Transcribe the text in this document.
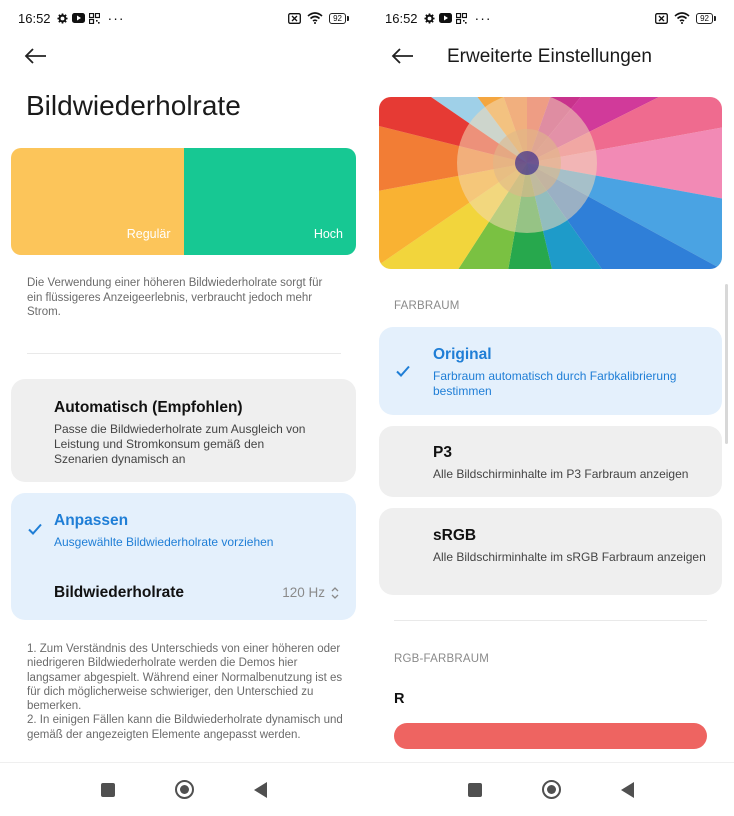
16:52	···	92
Bildwiederholrate
Regulär	Hoch
Die Verwendung einer höheren Bildwiederholrate sorgt für ein flüssigeres Anzeigeerlebnis, verbraucht jedoch mehr Strom.
Automatisch (Empfohlen)
Passe die Bildwiederholrate zum Ausgleich von Leistung und Stromkonsum gemäß den Szenarien dynamisch an
Anpassen
Ausgewählte Bildwiederholrate vorziehen
Bildwiederholrate	120 Hz
1. Zum Verständnis des Unterschieds von einer höheren oder niedrigeren Bildwiederholrate werden die Demos hier langsamer abgespielt. Während einer Normalbenutzung ist es für dich möglicherweise schwieriger, den Unterschied zu bemerken.
2. In einigen Fällen kann die Bildwiederholrate dynamisch und gemäß der angezeigten Elemente angepasst werden.
16:52	···	92
Erweiterte Einstellungen
FARBRAUM
Original
Farbraum automatisch durch Farbkalibrierung bestimmen
P3
Alle Bildschirminhalte im P3 Farbraum anzeigen
sRGB
Alle Bildschirminhalte im sRGB Farbraum anzeigen
RGB-FARBRAUM
R
